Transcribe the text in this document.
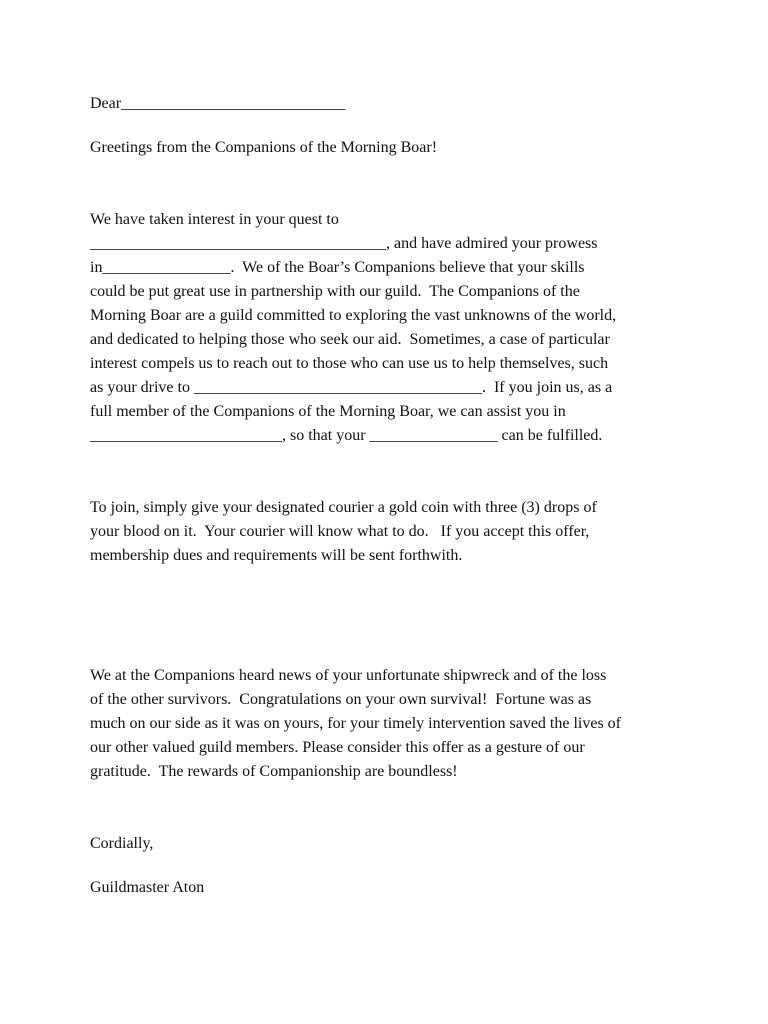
Dear____________________________
Greetings from the Companions of the Morning Boar!
We have taken interest in your quest to
_____________________________________, and have admired your prowess
in________________.  We of the Boar’s Companions believe that your skills
could be put great use in partnership with our guild.  The Companions of the
Morning Boar are a guild committed to exploring the vast unknowns of the world,
and dedicated to helping those who seek our aid.  Sometimes, a case of particular
interest compels us to reach out to those who can use us to help themselves, such
as your drive to ____________________________________.  If you join us, as a
full member of the Companions of the Morning Boar, we can assist you in
________________________, so that your ________________ can be fulfilled.
To join, simply give your designated courier a gold coin with three (3) drops of
your blood on it.  Your courier will know what to do.   If you accept this offer,
membership dues and requirements will be sent forthwith.
We at the Companions heard news of your unfortunate shipwreck and of the loss
of the other survivors.  Congratulations on your own survival!  Fortune was as
much on our side as it was on yours, for your timely intervention saved the lives of
our other valued guild members. Please consider this offer as a gesture of our
gratitude.  The rewards of Companionship are boundless!
Cordially,
Guildmaster Aton
